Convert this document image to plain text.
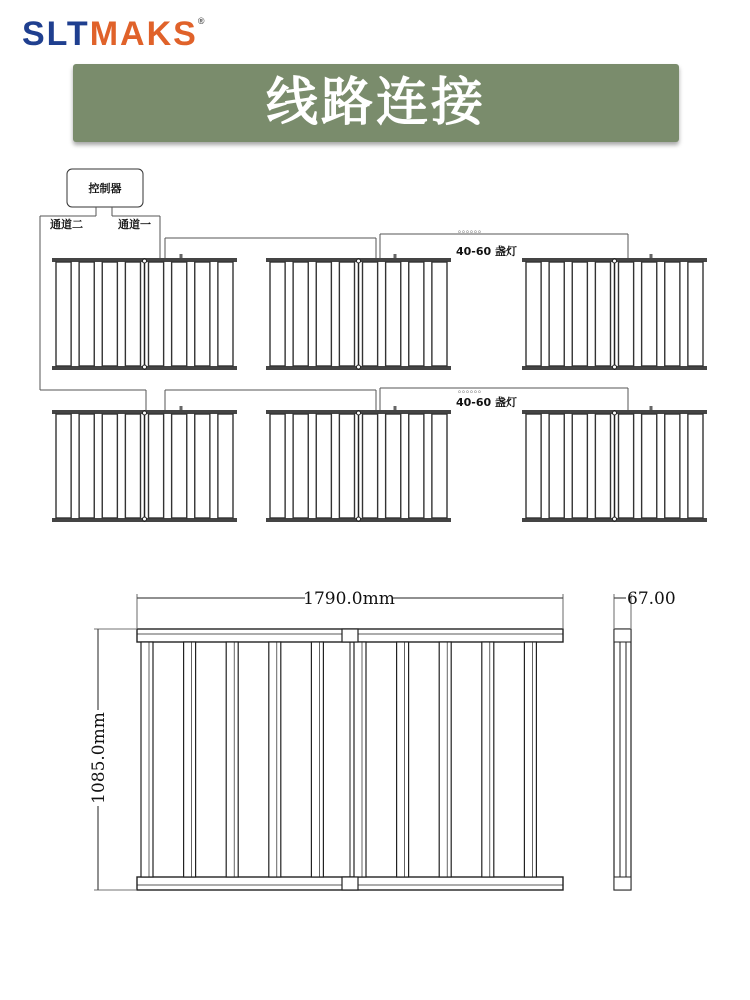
SLTMAKS®
线路连接
控制器
通道二	通道一	。。。。。。
40-60 盏灯
。。。。。。
40-60 盏灯
1790.0mm	67.00
1085.0mm
